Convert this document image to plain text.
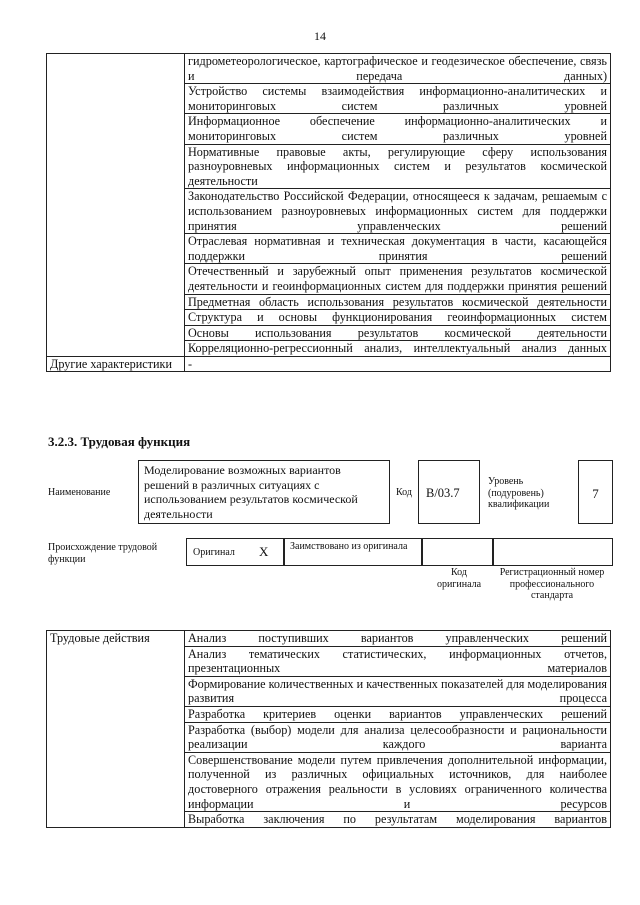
14
	гидрометеорологическое, картографическое и геодезическое обеспечение, связь и передача данных)
	Устройство системы взаимодействия информационно-аналитических и мониторинговых систем различных уровней
	Информационное обеспечение информационно-аналитических и мониторинговых систем различных уровней
	Нормативные правовые акты, регулирующие сферу использования разноуровневых информационных систем и результатов космической деятельности
	Законодательство Российской Федерации, относящееся к задачам, решаемым с использованием разноуровневых информационных систем для поддержки принятия управленческих решений
	Отраслевая нормативная и техническая документация в части, касающейся поддержки принятия решений
	Отечественный и зарубежный опыт применения результатов космической деятельности и геоинформационных систем для поддержки принятия решений
	Предметная область использования результатов космической деятельности
	Структура и основы функционирования геоинформационных систем
	Основы использования результатов космической деятельности
	Корреляционно-регрессионный анализ, интеллектуальный анализ данных
Другие характеристики	-
3.2.3. Трудовая функция
Наименование
Моделирование возможных вариантов решений в различных ситуациях с использованием результатов космической деятельности
Код	B/03.7
Уровень (подуровень) квалификации
7
Происхождение трудовой функции
Оригинал X Заимствовано из оригинала
Код оригинала
Регистрационный номер профессионального стандарта
Трудовые действия	Анализ поступивших вариантов управленческих решений
Анализ тематических статистических, информационных отчетов, презентационных материалов
Формирование количественных и качественных показателей для моделирования развития процесса
Разработка критериев оценки вариантов управленческих решений
Разработка (выбор) модели для анализа целесообразности и рациональности реализации каждого варианта
Совершенствование модели путем привлечения дополнительной информации, полученной из различных официальных источников, для наиболее достоверного отражения реальности в условиях ограниченного количества информации и ресурсов
Выработка заключения по результатам моделирования вариантов
